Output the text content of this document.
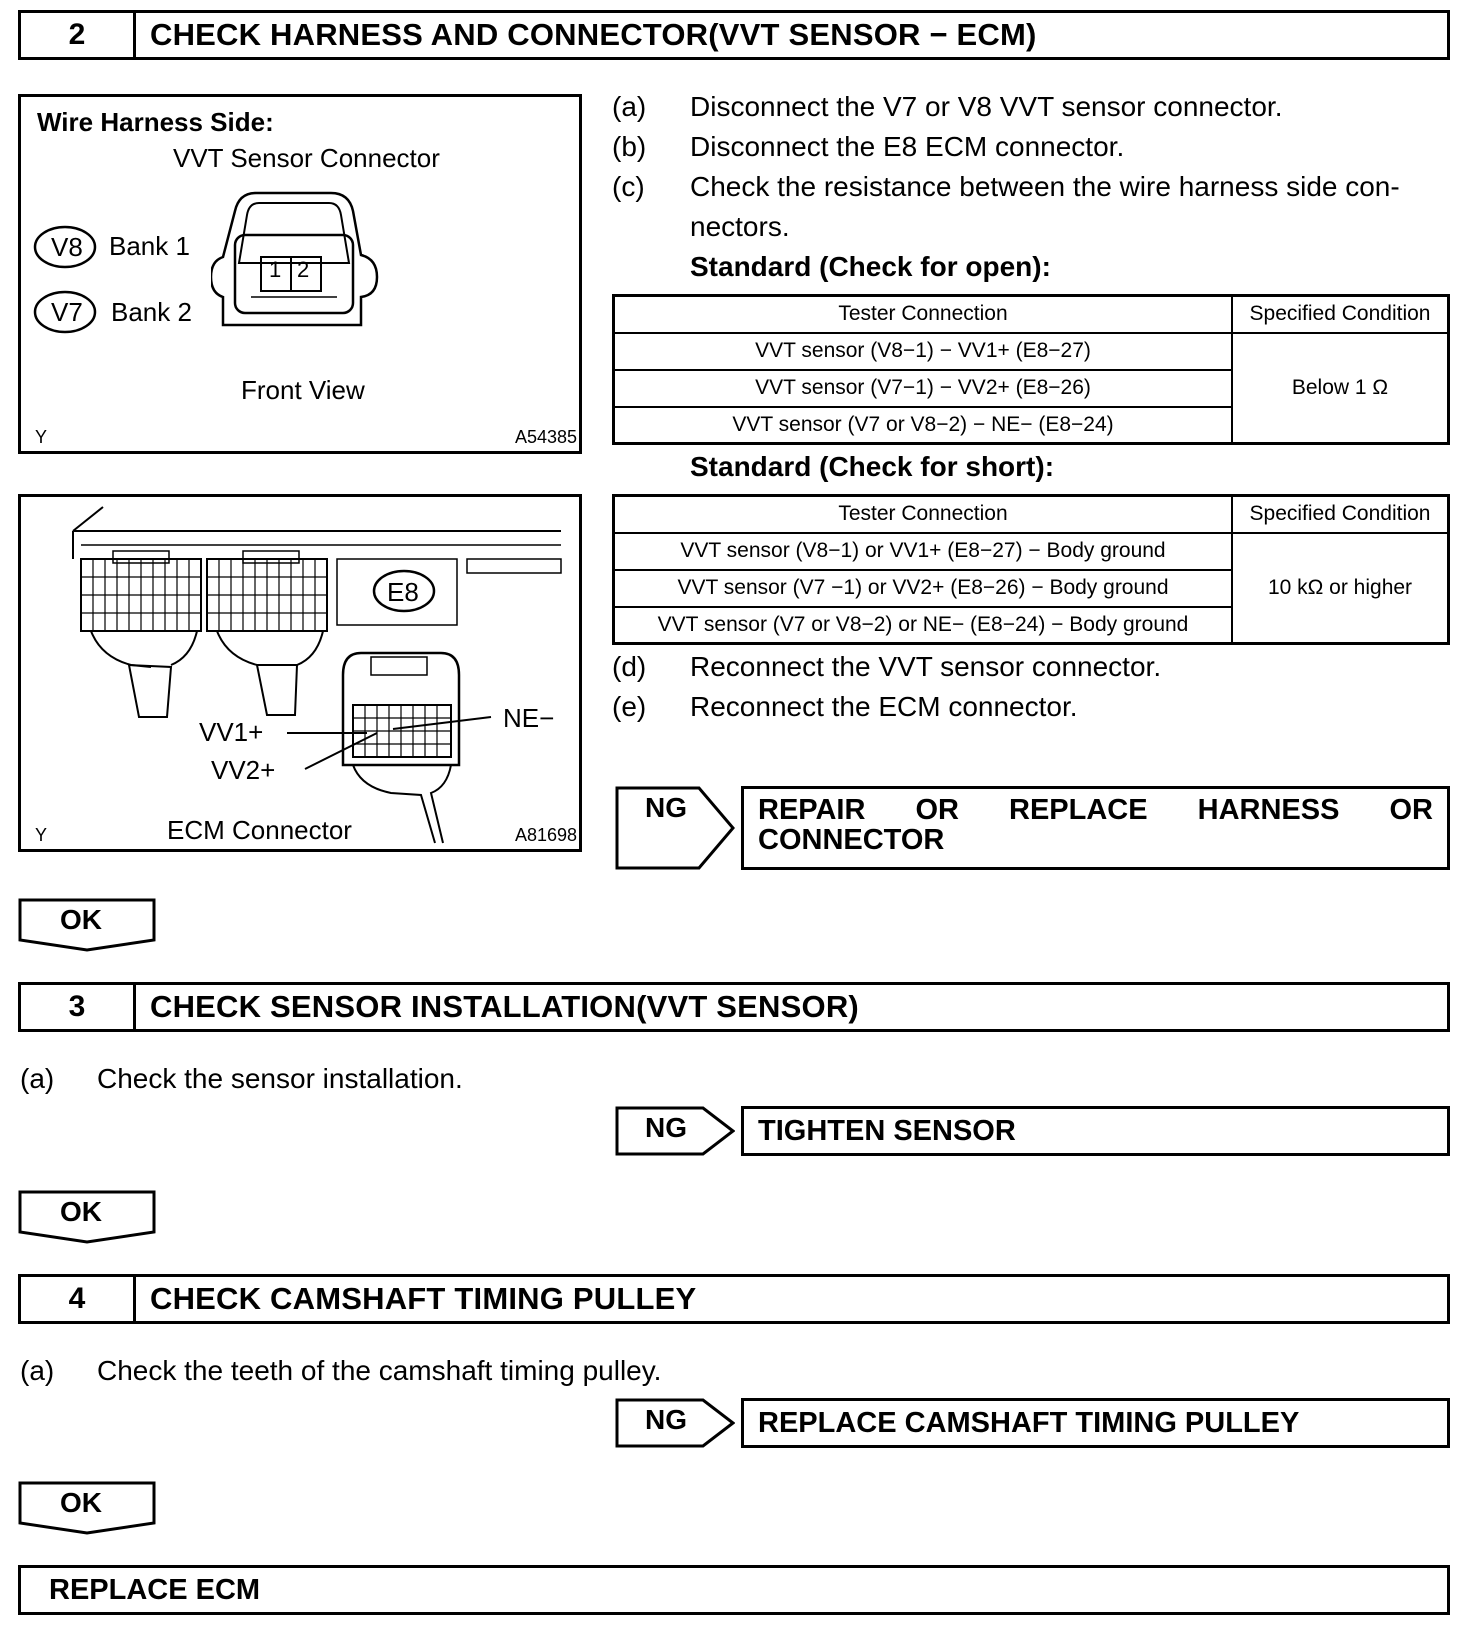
2	CHECK HARNESS AND CONNECTOR(VVT SENSOR − ECM)
Wire Harness Side:
VVT Sensor Connector
V8 Bank 1
V7 Bank 2
1 2
Front View
Y	A54385
E8
VV1+
VV2+
NE−
ECM Connector
Y	A81698
(a) Disconnect the V7 or V8 VVT sensor connector.
(b) Disconnect the E8 ECM connector.
(c) Check the resistance between the wire harness side con-
nectors.
Standard (Check for open):
Tester Connection	Specified Condition
VVT sensor (V8−1) − VV1+ (E8−27)	Below 1 Ω
VVT sensor (V7−1) − VV2+ (E8−26)	
VVT sensor (V7 or V8−2) − NE− (E8−24)	
Standard (Check for short):
Tester Connection	Specified Condition
VVT sensor (V8−1) or VV1+ (E8−27) − Body ground	10 kΩ or higher
VVT sensor (V7 −1) or VV2+ (E8−26) − Body ground	
VVT sensor (V7 or V8−2) or NE− (E8−24) − Body ground	
(d) Reconnect the VVT sensor connector.
(e) Reconnect the ECM connector.
NG REPAIR OR REPLACE HARNESS OR
CONNECTOR
OK
3	CHECK SENSOR INSTALLATION(VVT SENSOR)
(a) Check the sensor installation.
NG	TIGHTEN SENSOR
OK
4	CHECK CAMSHAFT TIMING PULLEY
(a) Check the teeth of the camshaft timing pulley.
NG	REPLACE CAMSHAFT TIMING PULLEY
OK
REPLACE ECM
